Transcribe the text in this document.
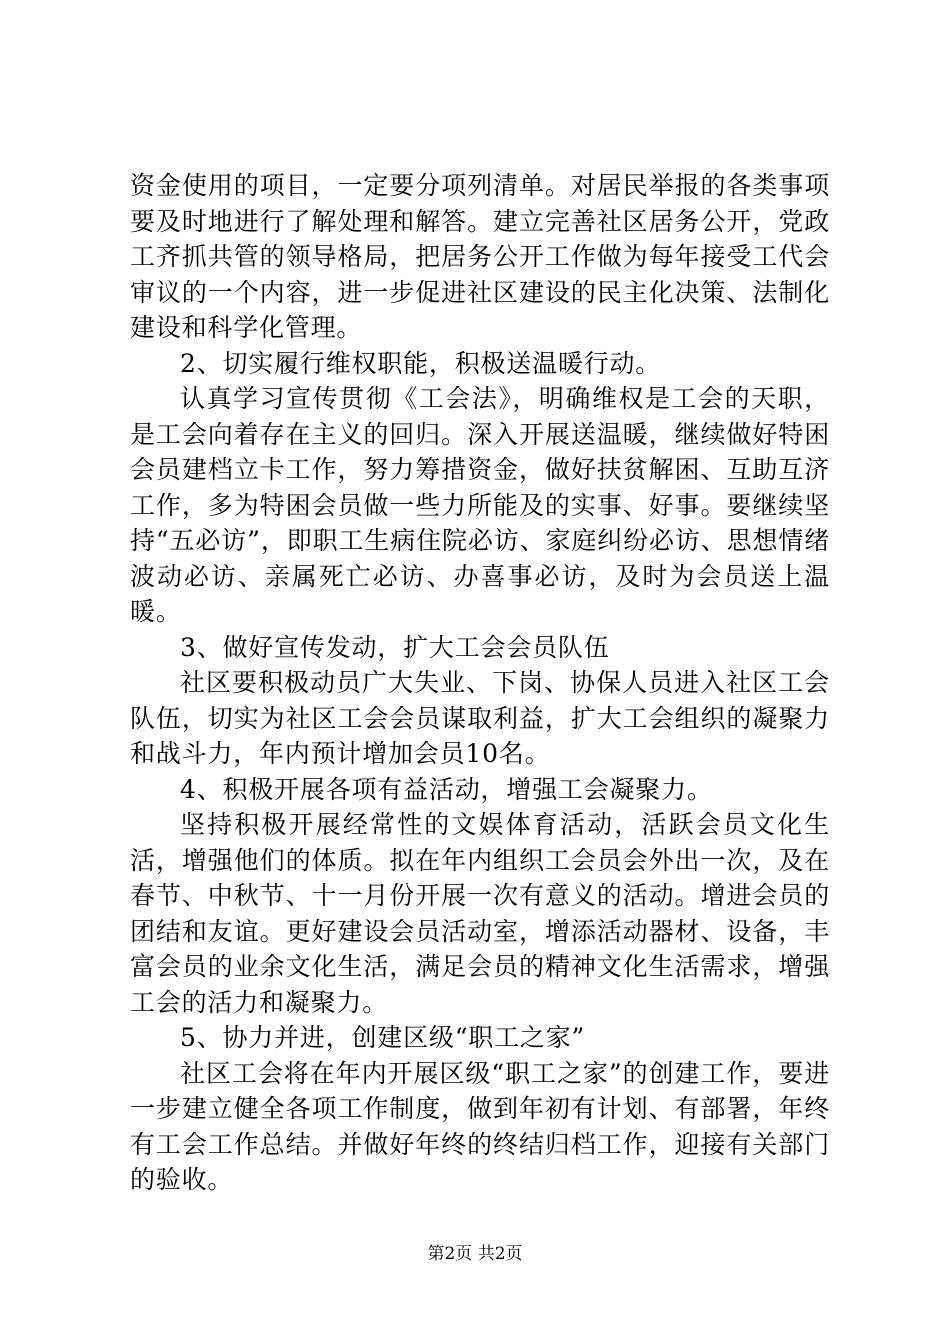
资金使用的项目，一定要分项列清单。对居民举报的各类事项要及时地进行了解处理和解答。建立完善社区居务公开，党政工齐抓共管的领导格局，把居务公开工作做为每年接受工代会审议的一个内容，进一步促进社区建设的民主化决策、法制化建设和科学化管理。

2、切实履行维权职能，积极送温暖行动。

认真学习宣传贯彻《工会法》，明确维权是工会的天职，是工会向着存在主义的回归。深入开展送温暖，继续做好特困会员建档立卡工作，努力筹措资金，做好扶贫解困、互助互济工作，多为特困会员做一些力所能及的实事、好事。要继续坚持“五必访”，即职工生病住院必访、家庭纠纷必访、思想情绪波动必访、亲属死亡必访、办喜事必访，及时为会员送上温暖。

3、做好宣传发动，扩大工会会员队伍

社区要积极动员广大失业、下岗、协保人员进入社区工会队伍，切实为社区工会会员谋取利益，扩大工会组织的凝聚力和战斗力，年内预计增加会员10名。

4、积极开展各项有益活动，增强工会凝聚力。

坚持积极开展经常性的文娱体育活动，活跃会员文化生活，增强他们的体质。拟在年内组织工会员会外出一次，及在春节、中秋节、十一月份开展一次有意义的活动。增进会员的团结和友谊。更好建设会员活动室，增添活动器材、设备，丰富会员的业余文化生活，满足会员的精神文化生活需求，增强工会的活力和凝聚力。

5、协力并进，创建区级“职工之家”

社区工会将在年内开展区级“职工之家”的创建工作，要进一步建立健全各项工作制度，做到年初有计划、有部署，年终有工会工作总结。并做好年终的终结归档工作，迎接有关部门的验收。

第2页 共2页
